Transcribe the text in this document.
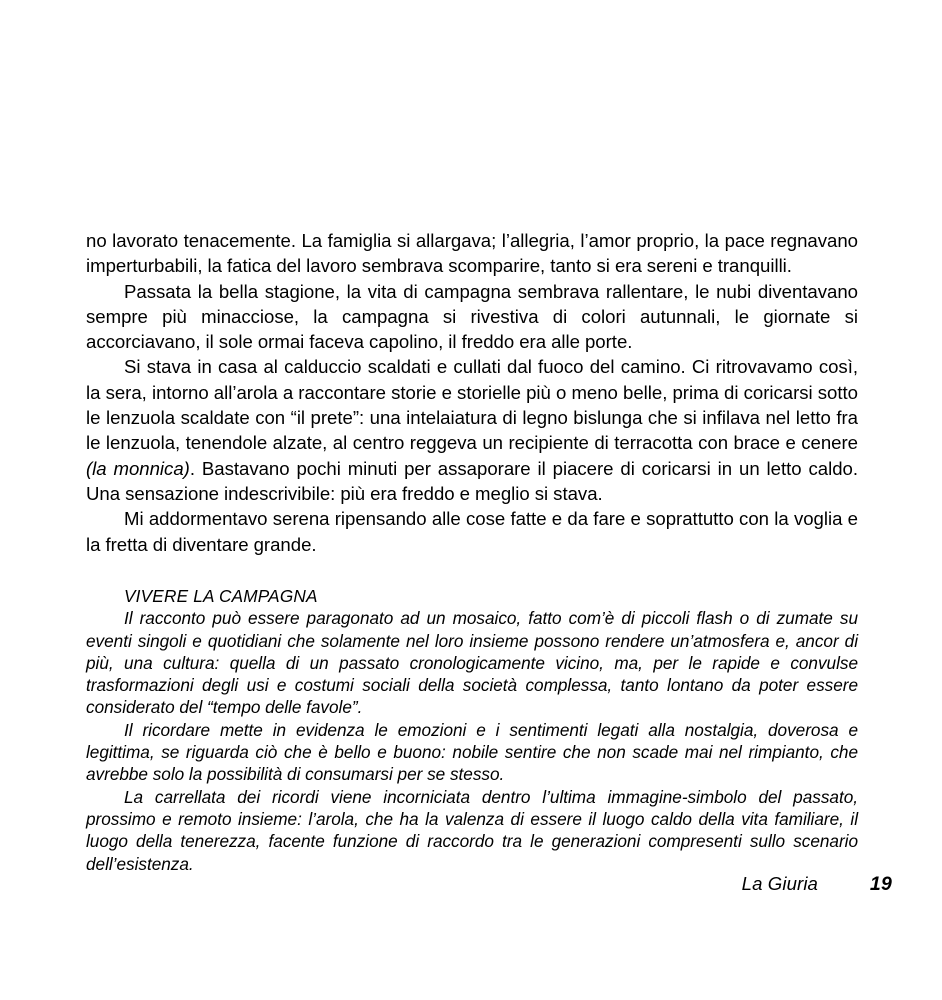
no lavorato tenacemente. La famiglia si allargava; l’allegria, l’amor proprio, la pace regnavano imperturbabili, la fatica del lavoro sembrava scomparire, tanto si era sereni e tranquilli.

Passata la bella stagione, la vita di campagna sembrava rallentare, le nubi diventavano sempre più minacciose, la campagna si rivestiva di colori autunnali, le giornate si accorciavano, il sole ormai faceva capolino, il freddo era alle porte.

Si stava in casa al calduccio scaldati e cullati dal fuoco del camino. Ci ritrovavamo così, la sera, intorno all’arola a raccontare storie e storielle più o meno belle, prima di coricarsi sotto le lenzuola scaldate con “il prete”: una intelaiatura di legno bislunga che si infilava nel letto fra le lenzuola, tenendole alzate, al centro reggeva un recipiente di terracotta con brace e cenere (la monnica). Bastavano pochi minuti per assaporare il piacere di coricarsi in un letto caldo. Una sensazione indescrivibile: più era freddo e meglio si stava.

Mi addormentavo serena ripensando alle cose fatte e da fare e soprattutto con la voglia e la fretta di diventare grande.

VIVERE LA CAMPAGNA

Il racconto può essere paragonato ad un mosaico, fatto com’è di piccoli flash o di zumate su eventi singoli e quotidiani che solamente nel loro insieme possono rendere un’atmosfera e, ancor di più, una cultura: quella di un passato cronologicamente vicino, ma, per le rapide e convulse trasformazioni degli usi e costumi sociali della società complessa, tanto lontano da poter essere considerato del “tempo delle favole”.

Il ricordare mette in evidenza le emozioni e i sentimenti legati alla nostalgia, doverosa e legittima, se riguarda ciò che è bello e buono: nobile sentire che non scade mai nel rimpianto, che avrebbe solo la possibilità di consumarsi per se stesso.

La carrellata dei ricordi viene incorniciata dentro l’ultima immagine-simbolo del passato, prossimo e remoto insieme: l’arola, che ha la valenza di essere il luogo caldo della vita familiare, il luogo della tenerezza, facente funzione di raccordo tra le generazioni compresenti sullo scenario dell’esistenza.

La Giuria	19
